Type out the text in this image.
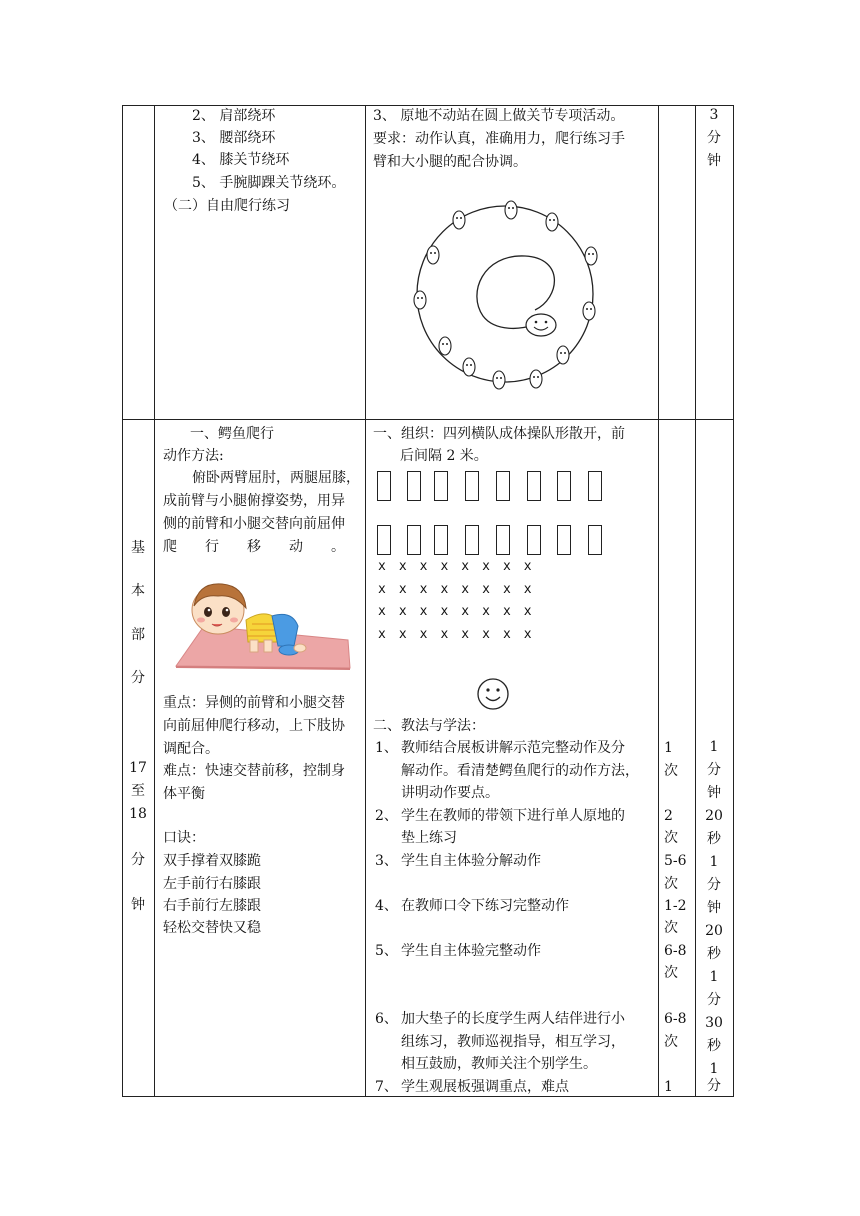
2、 肩部绕环
3、 腰部绕环
4、 膝关节绕环
5、 手腕脚踝关节绕环。
（二）自由爬行练习
3、 原地不动站在圆上做关节专项活动。
要求：动作认真，准确用力，爬行练习手
臂和大小腿的配合协调。
3
分
钟
基
本
部
分
17
至
18
分
钟
一、鳄鱼爬行
动作方法:
俯卧两臂屈肘，两腿屈膝，
成前臂与小腿俯撑姿势，用异
侧的前臂和小腿交替向前屈伸
爬　　行　　移　　动　　。
重点：异侧的前臂和小腿交替
向前屈伸爬行移动，上下肢协
调配合。
难点：快速交替前移，控制身
体平衡
口诀：
双手撑着双膝跪
左手前行右膝跟
右手前行左膝跟
轻松交替快又稳
一、组织：四列横队成体操队形散开，前
后间隔 2 米。
x　x　x　x　x　x　x　x
x　x　x　x　x　x　x　x
x　x　x　x　x　x　x　x
x　x　x　x　x　x　x　x
二、教法与学法：
1、 教师结合展板讲解示范完整动作及分
解动作。看清楚鳄鱼爬行的动作方法，
讲明动作要点。
2、 学生在教师的带领下进行单人原地的
垫上练习
3、 学生自主体验分解动作
4、 在教师口令下练习完整动作
5、 学生自主体验完整动作
6、 加大垫子的长度学生两人结伴进行小
组练习，教师巡视指导，相互学习，
相互鼓励，教师关注个别学生。
7、 学生观展板强调重点，难点
1
次
2
次
5-6
次
1-2
次
6-8
次
6-8
次
1
1
分
钟
20
秒
1
分
钟
20
秒
1
分
30
秒
1
分
